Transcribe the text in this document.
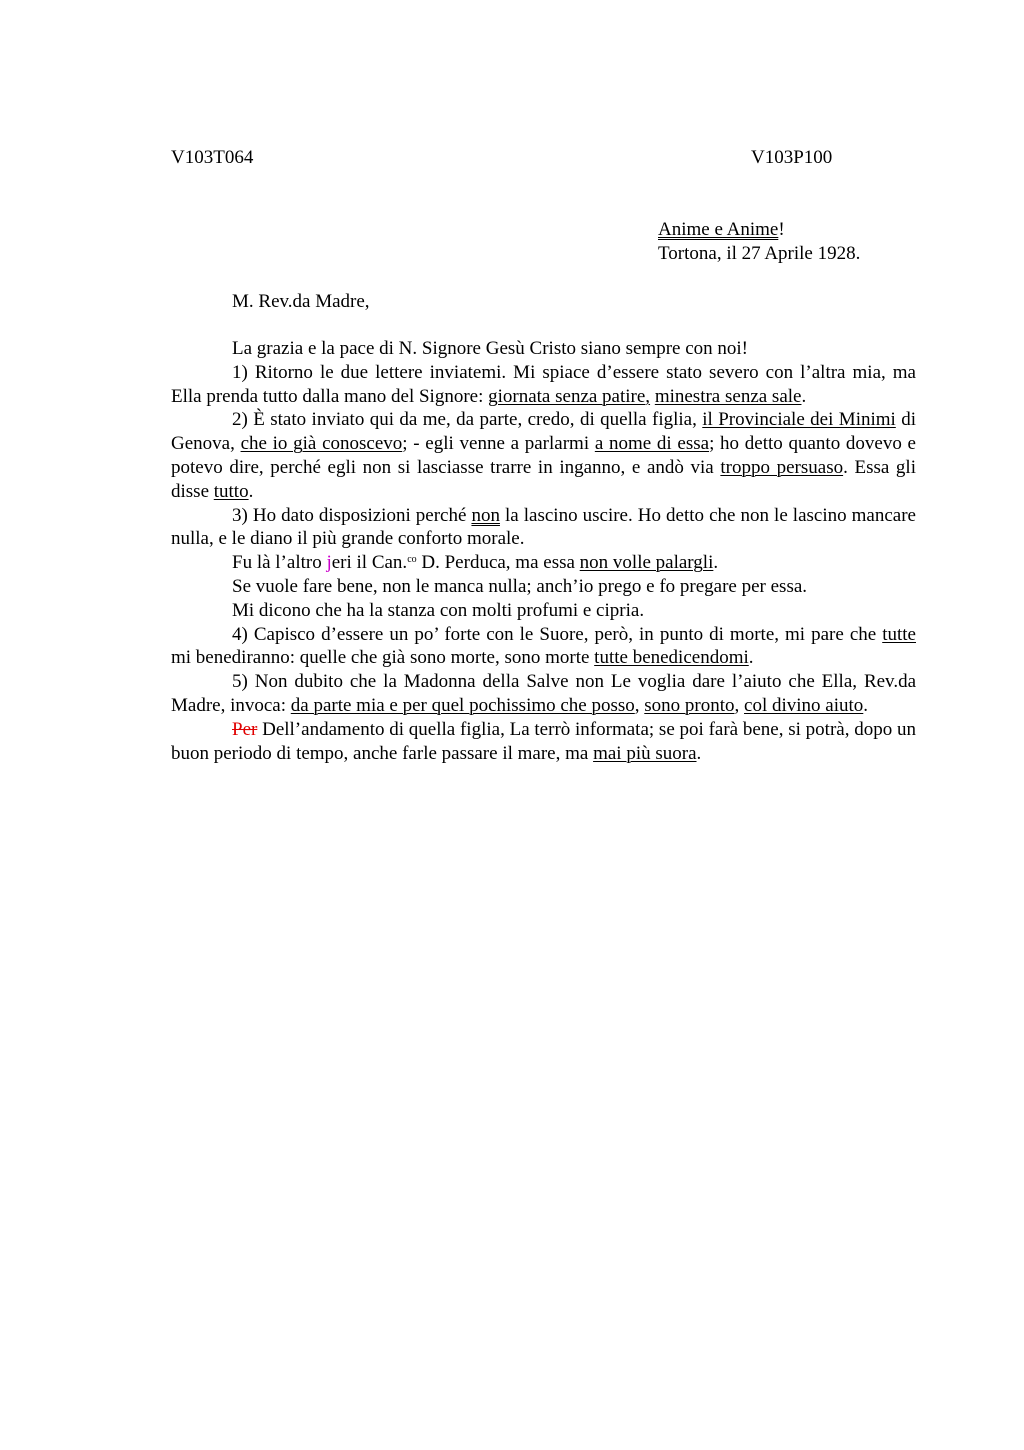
V103T064	V103P100
Anime e Anime!
Tortona, il 27 Aprile 1928.
M. Rev.da Madre,

La grazia e la pace di N. Signore Gesù Cristo siano sempre con noi!

1) Ritorno le due lettere inviatemi. Mi spiace d’essere stato severo con l’altra mia, ma Ella prenda tutto dalla mano del Signore: giornata senza patire, minestra senza sale.

2) È stato inviato qui da me, da parte, credo, di quella figlia, il Provinciale dei Minimi di Genova, che io già conoscevo; - egli venne a parlarmi a nome di essa; ho detto quanto dovevo e potevo dire, perché egli non si lasciasse trarre in inganno, e andò via troppo persuaso. Essa gli disse tutto.

3) Ho dato disposizioni perché non la lascino uscire. Ho detto che non le lascino mancare nulla, e le diano il più grande conforto morale.

Fu là l’altro jeri il Can.$^{co}$ D. Perduca, ma essa non volle palargli.

Se vuole fare bene, non le manca nulla; anch’io prego e fo pregare per essa.

Mi dicono che ha la stanza con molti profumi e cipria.

4) Capisco d’essere un po’ forte con le Suore, però, in punto di morte, mi pare che tutte mi benediranno: quelle che già sono morte, sono morte tutte benedicendomi.

5) Non dubito che la Madonna della Salve non Le voglia dare l’aiuto che Ella, Rev.da Madre, invoca: da parte mia e per quel pochissimo che posso, sono pronto, col divino aiuto.

Per Dell’andamento di quella figlia, La terrò informata; se poi farà bene, si potrà, dopo un buon periodo di tempo, anche farle passare il mare, ma mai più suora.
